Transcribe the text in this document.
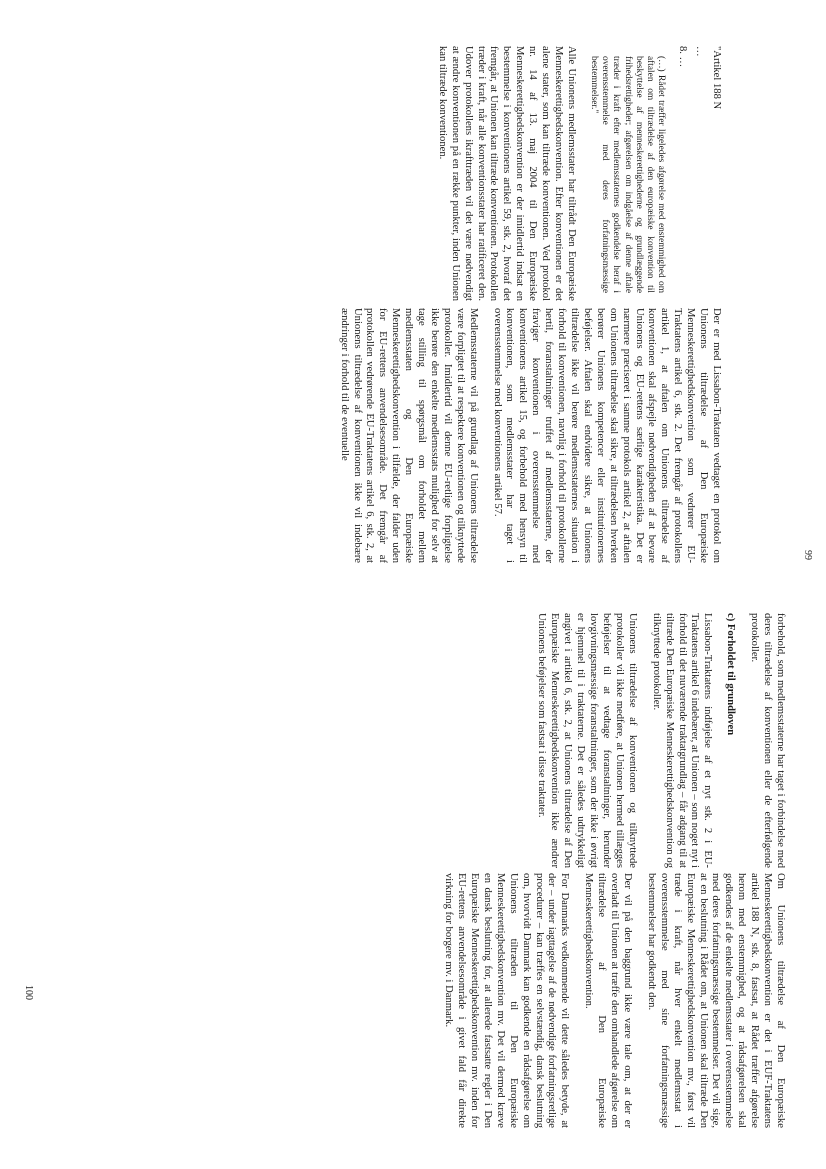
"Artikel 188 N

…

8. …

(…) Rådet træffer ligeledes afgørelse med enstemmighed om aftalen om tiltrædelse af den europæiske konvention til beskyttelse af menneskerettighederne og grundlæggende frihedsrettigheder; afgørelsen om indgåelse af denne aftale træder i kraft efter medlemsstaternes godkendelse heraf i overensstemmelse med deres forfatningsmæssige bestemmelser."

Alle Unionens medlemsstater har tiltrådt Den Europæiske Menneskerettighedskonvention. Efter konventionen er det alene stater, som kan tiltræde konventionen. Ved protokol nr. 14 af 13. maj 2004 til Den Europæiske Menneskerettighedskonvention er der imidlertid indsat en bestemmelse i konventionens artikel 59, stk. 2, hvoraf det fremgår, at Unionen kan tiltræde konventionen. Protokollen træder i kraft, når alle konventionsstater har ratificeret den. Udover protokollens ikrafttræden vil det være nødvendigt at ændre konventionen på en række punkter, inden Unionen kan tiltræde konventionen.

Der er med Lissabon-Traktaten vedtaget en protokol om Unionens tiltrædelse af Den Europæiske Menneskerettighedskonvention som vedrører EU-Traktatens artikel 6, stk. 2. Det fremgår af protokollens artikel 1, at aftalen om Unionens tiltrædelse af konventionen skal afspejle nødvendigheden af at bevare Unionens og EU-rettens særlige karakteristika. Det er nærmere præciseret i samme protokols artikel 2, at aftalen om Unionens tiltrædelse skal sikre, at tiltrædelsen hverken berører Unionens kompetencer eller institutionernes beføjelser. Aftalen skal endvidere sikre, at Unionens tiltrædelse ikke vil berøre medlemsstaternes situation i forhold til konventionen, navnlig i forhold til protokollerne hertil, foranstaltninger truffet af medlemsstaterne, der fraviger konventionen i overensstemmelse med konventionens artikel 15, og forbehold med hensyn til konventionen, som medlemsstater har taget i overensstemmelse med konventionens artikel 57.

Medlemsstaterne vil på grundlag af Unionens tiltrædelse være forpligtet til at respektere konventionen og tilknyttede protokoller. Imidlertid vil denne EU-retlige forpligtelse ikke berøre den enkelte medlemsstats mulighed for selv at tage stilling til spørgsmål om forholdet mellem medlemsstaten og Den Europæiske Menneskerettighedskonvention i tilfælde, der falder uden for EU-rettens anvendelsesområde. Det fremgår af protokollen vedrørende EU-Traktatens artikel 6, stk. 2, at Unionens tiltrædelse af konventionen ikke vil indebære ændringer i forhold til de eventuelle

99

forbehold, som medlemsstaterne har taget i forbindelse med deres tiltrædelse af konventionen eller de efterfølgende protokoller.

c) Forholdet til grundloven

Lissabon-Traktatens indføjelse af et nyt stk. 2 i EU-Traktatens artikel 6 indebærer, at Unionen – som noget nyt i forhold til det nuværende traktatgrundlag – får adgang til at tiltræde Den Europæiske Menneskerettighedskonvention og tilknyttede protokoller.

Unionens tiltrædelse af konventionen og tilknyttede protokoller vil ikke medføre, at Unionen hermed tillægges beføjelser til at vedtage foranstaltninger, herunder lovgivningsmæssige foranstaltninger, som der ikke i øvrigt er hjemmel til i traktaterne. Det er således udtrykkeligt angivet i artikel 6, stk. 2, at Unionens tiltrædelse af Den Europæiske Menneskerettighedskonvention ikke ændrer Unionens beføjelser som fastsat i disse traktater.

Om Unionens tiltrædelse af Den Europæiske Menneskerettighedskonvention er det i EUF-Traktatens artikel 188 N, stk. 8, fastsat, at Rådet træffer afgørelse herom med enstemmighed, og at rådsafgørelsen skal godkendes af de enkelte medlemsstater i overensstemmelse med deres forfatningsmæssige bestemmelser. Det vil sige, at en beslutning i Rådet om, at Unionen skal tiltræde Den Europæiske Menneskerettighedskonvention mv., først vil træde i kraft, når hver enkelt medlemsstat i overensstemmelse med sine forfatningsmæssige bestemmelser har godkendt den.

Der vil på den baggrund ikke være tale om, at der er overladt til Unionen at træffe den omhandlede afgørelse om tiltrædelse af Den Europæiske Menneskerettighedskonvention.

For Danmarks vedkommende vil dette således betyde, at der – under iagttagelse af de nødvendige forfatningsretlige procedurer – kan træffes en selvstændig, dansk beslutning om, hvorvidt Danmark kan godkende en rådsafgørelse om Unionens tiltræden til Den Europæiske Menneskerettighedskonvention mv. Det vil dermed kræve en dansk beslutning for, at allerede fastsatte regler i Den Europæiske Menneskerettighedskonvention mv. inden for EU-rettens anvendelsesområde i givet fald får direkte virkning for borgere mv. i Danmark.

100
